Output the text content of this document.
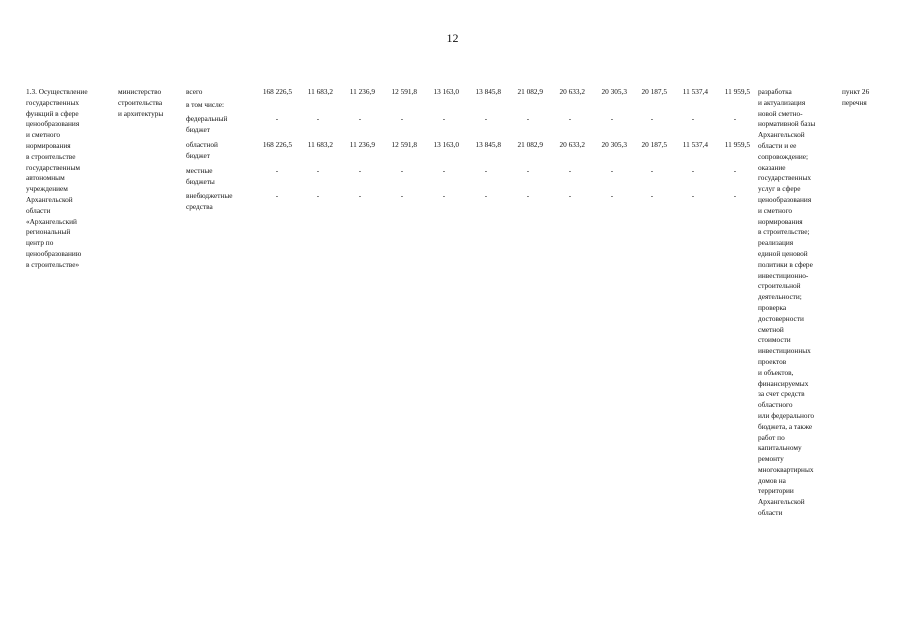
12
1.3. Осуществление
государственных
функций в сфере
ценообразования
и сметного
нормирования
в строительстве
государственным
автономным
учреждением
Архангельской
области
«Архангельский
региональный
центр по
ценообразованию
в строительстве»
министерство
строительства
и архитектуры
всего
в том числе:
федеральный
бюджет
областной
бюджет
местные
бюджеты
внебюджетные
средства
168 226,5
-
168 226,5
-
-
11 683,2
-
11 683,2
-
-
11 236,9
-
11 236,9
-
-
12 591,8
-
12 591,8
-
-
13 163,0
-
13 163,0
-
-
13 845,8
-
13 845,8
-
-
21 082,9
-
21 082,9
-
-
20 633,2
-
20 633,2
-
-
20 305,3
-
20 305,3
-
-
20 187,5
-
20 187,5
-
-
11 537,4
-
11 537,4
-
-
11 959,5
-
11 959,5
-
-
разработка
и актуализация
новой сметно-
нормативной базы
Архангельской
области и ее
сопровождение;
оказание
государственных
услуг в сфере
ценообразования
и сметного
нормирования
в строительстве;
реализация
единой ценовой
политики в сфере
инвестиционно-
строительной
деятельности;
проверка
достоверности
сметной
стоимости
инвестиционных
проектов
и объектов,
финансируемых
за счет средств
областного
или федерального
бюджета, а также
работ по
капитальному
ремонту
многоквартирных
домов на
территории
Архангельской
области
пункт 26
перечня
